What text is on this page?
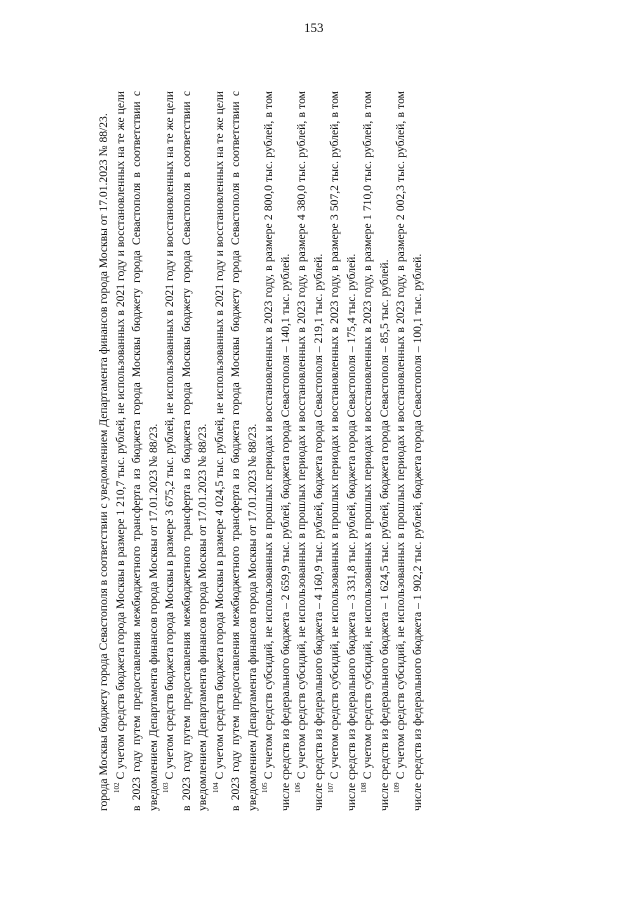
153

города Москвы бюджету города Севастополя в соответствии с уведомлением Департамента финансов города Москвы от 17.01.2023 № 88/23. $^{102}$ С учетом средств бюджета города Москвы в размере 1 210,7 тыс. рублей, не использованных в 2021 году и восстановленных на те же цели в 2023 году путем предоставления межбюджетного трансферта из бюджета города Москвы бюджету города Севастополя в соответствии с уведомлением Департамента финансов города Москвы от 17.01.2023 № 88/23. $^{103}$ С учетом средств бюджета города Москвы в размере 3 675,2 тыс. рублей, не использованных в 2021 году и восстановленных на те же цели в 2023 году путем предоставления межбюджетного трансферта из бюджета города Москвы бюджету города Севастополя в соответствии с уведомлением Департамента финансов города Москвы от 17.01.2023 № 88/23. $^{104}$ С учетом средств бюджета города Москвы в размере 4 024,5 тыс. рублей, не использованных в 2021 году и восстановленных на те же цели в 2023 году путем предоставления межбюджетного трансферта из бюджета города Москвы бюджету города Севастополя в соответствии с уведомлением Департамента финансов города Москвы от 17.01.2023 № 88/23. $^{105}$ С учетом средств субсидий, не использованных в прошлых периодах и восстановленных в 2023 году, в размере 2 800,0 тыс. рублей, в том числе средств из федерального бюджета – 2 659,9 тыс. рублей, бюджета города Севастополя – 140,1 тыс. рублей. $^{106}$ С учетом средств субсидий, не использованных в прошлых периодах и восстановленных в 2023 году, в размере 4 380,0 тыс. рублей, в том числе средств из федерального бюджета – 4 160,9 тыс. рублей, бюджета города Севастополя – 219,1 тыс. рублей. $^{107}$ С учетом средств субсидий, не использованных в прошлых периодах и восстановленных в 2023 году, в размере 3 507,2 тыс. рублей, в том числе средств из федерального бюджета – 3 331,8 тыс. рублей, бюджета города Севастополя – 175,4 тыс. рублей. $^{108}$ С учетом средств субсидий, не использованных в прошлых периодах и восстановленных в 2023 году, в размере 1 710,0 тыс. рублей, в том числе средств из федерального бюджета – 1 624,5 тыс. рублей, бюджета города Севастополя – 85,5 тыс. рублей. $^{109}$ С учетом средств субсидий, не использованных в прошлых периодах и восстановленных в 2023 году, в размере 2 002,3 тыс. рублей, в том числе средств из федерального бюджета – 1 902,2 тыс. рублей, бюджета города Севастополя – 100,1 тыс. рублей.
